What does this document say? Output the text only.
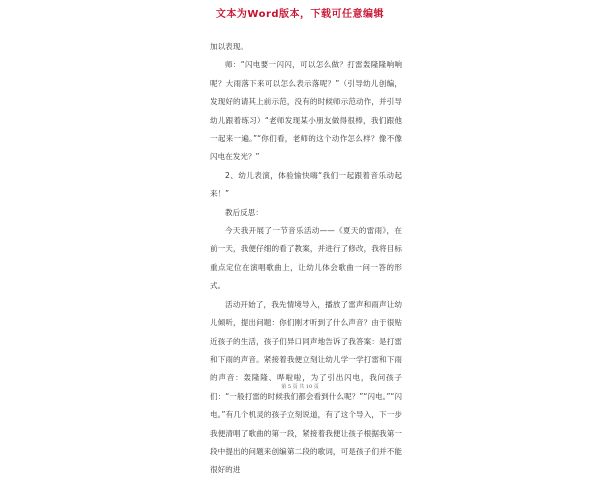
文本为Word版本，下载可任意编辑

加以表现。

师：“闪电要一闪闪，可以怎么做？打雷轰隆隆响响呢？大雨落下来可以怎么表示落呢？”（引导幼儿创编，发现好的请其上前示范，没有的时候师示范动作，并引导幼儿跟着练习）“老师发现某小朋友做得很棒，我们跟他一起来一遍。”“你们看，老师的这个动作怎么样？像不像闪电在发光？”

2、幼儿表演，体验愉快嗨“我们一起跟着音乐动起来！”

教后反思：

今天我开展了一节音乐活动——《夏天的雷雨》，在前一天，我便仔细的看了教案，并进行了修改，我将目标重点定位在演唱歌曲上，让幼儿体会歌曲一问一答的形式。

活动开始了，我先情境导入，播放了雷声和雨声让幼儿倾听，提出问题：你们刚才听到了什么声音？由于很贴近孩子的生活，孩子们异口同声地告诉了我答案：是打雷和下雨的声音。紧接着我便立刻让幼儿学一学打雷和下雨的声音：轰隆隆、哗啦啦，为了引出闪电，我问孩子们：“一般打雷的时候我们都会看到什么呢？”“闪电。”“闪电。”有几个机灵的孩子立刻说道，有了这个导入，下一步我便清唱了歌曲的第一段，紧接着我便让孩子根据我第一段中提出的问题来创编第二段的歌词，可是孩子们并不能很好的进

第 5 页 共 10 页
